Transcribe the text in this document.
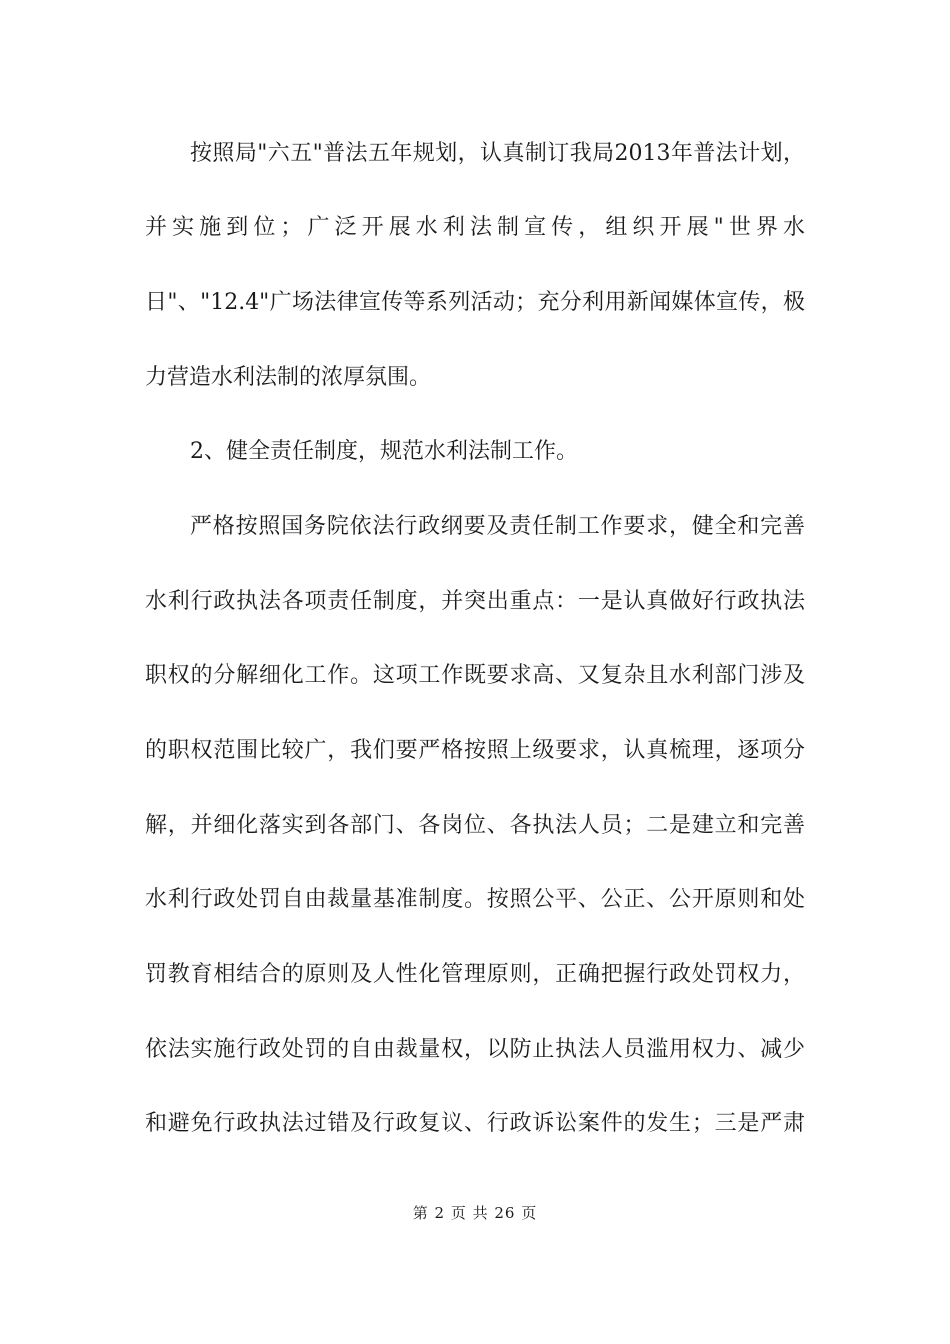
按照局"六五"普法五年规划，认真制订我局2013年普法计划，
并实施到位；广泛开展水利法制宣传，组织开展"世界水
日"、"12.4"广场法律宣传等系列活动；充分利用新闻媒体宣传，极
力营造水利法制的浓厚氛围。
2、健全责任制度，规范水利法制工作。
严格按照国务院依法行政纲要及责任制工作要求，健全和完善
水利行政执法各项责任制度，并突出重点：一是认真做好行政执法
职权的分解细化工作。这项工作既要求高、又复杂且水利部门涉及
的职权范围比较广，我们要严格按照上级要求，认真梳理，逐项分
解，并细化落实到各部门、各岗位、各执法人员；二是建立和完善
水利行政处罚自由裁量基准制度。按照公平、公正、公开原则和处
罚教育相结合的原则及人性化管理原则，正确把握行政处罚权力，
依法实施行政处罚的自由裁量权，以防止执法人员滥用权力、减少
和避免行政执法过错及行政复议、行政诉讼案件的发生；三是严肃
第 2 页 共 26 页
